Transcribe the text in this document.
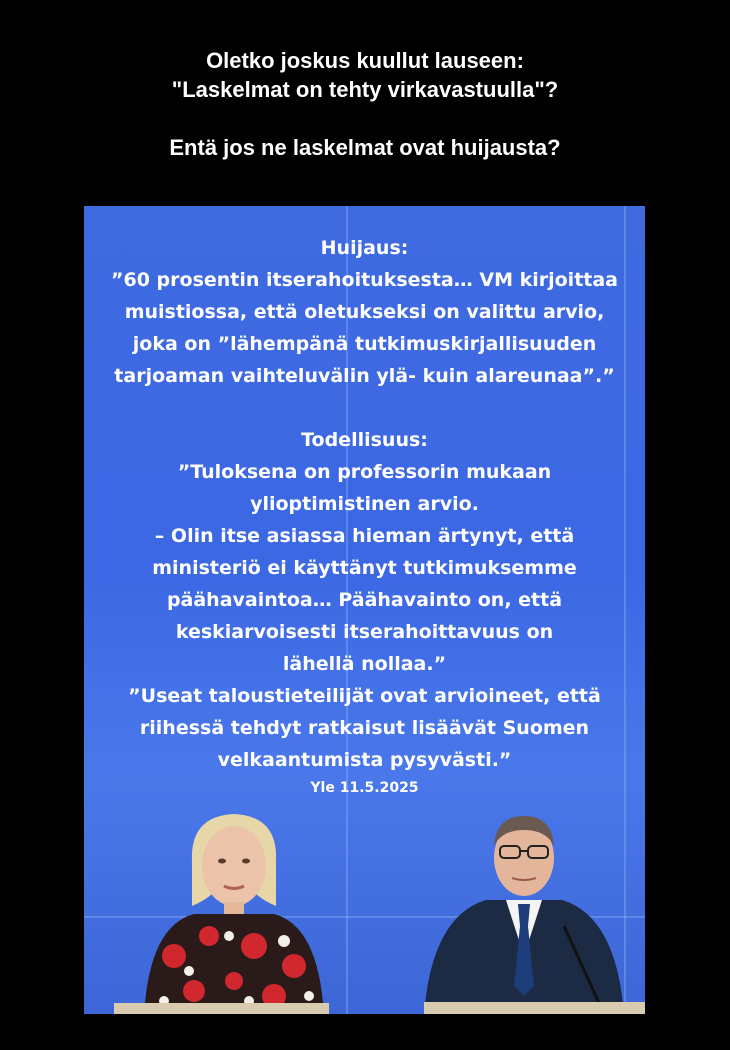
Oletko joskus kuullut lauseen:
"Laskelmat on tehty virkavastuulla"?
Entä jos ne laskelmat ovat huijausta?
Huijaus:
”60 prosentin itserahoituksesta… VM kirjoittaa
muistiossa, että oletukseksi on valittu arvio,
joka on ”lähempänä tutkimuskirjallisuuden
tarjoaman vaihteluvälin ylä- kuin alareunaa”.”
Todellisuus:
”Tuloksena on professorin mukaan
ylioptimistinen arvio.
– Olin itse asiassa hieman ärtynyt, että
ministeriö ei käyttänyt tutkimuksemme
päähavaintoa… Päähavainto on, että
keskiarvoisesti itserahoittavuus on
lähellä nollaa.”
”Useat taloustieteilijät ovat arvioineet, että
riihessä tehdyt ratkaisut lisäävät Suomen
velkaantumista pysyvästi.”
Yle 11.5.2025
